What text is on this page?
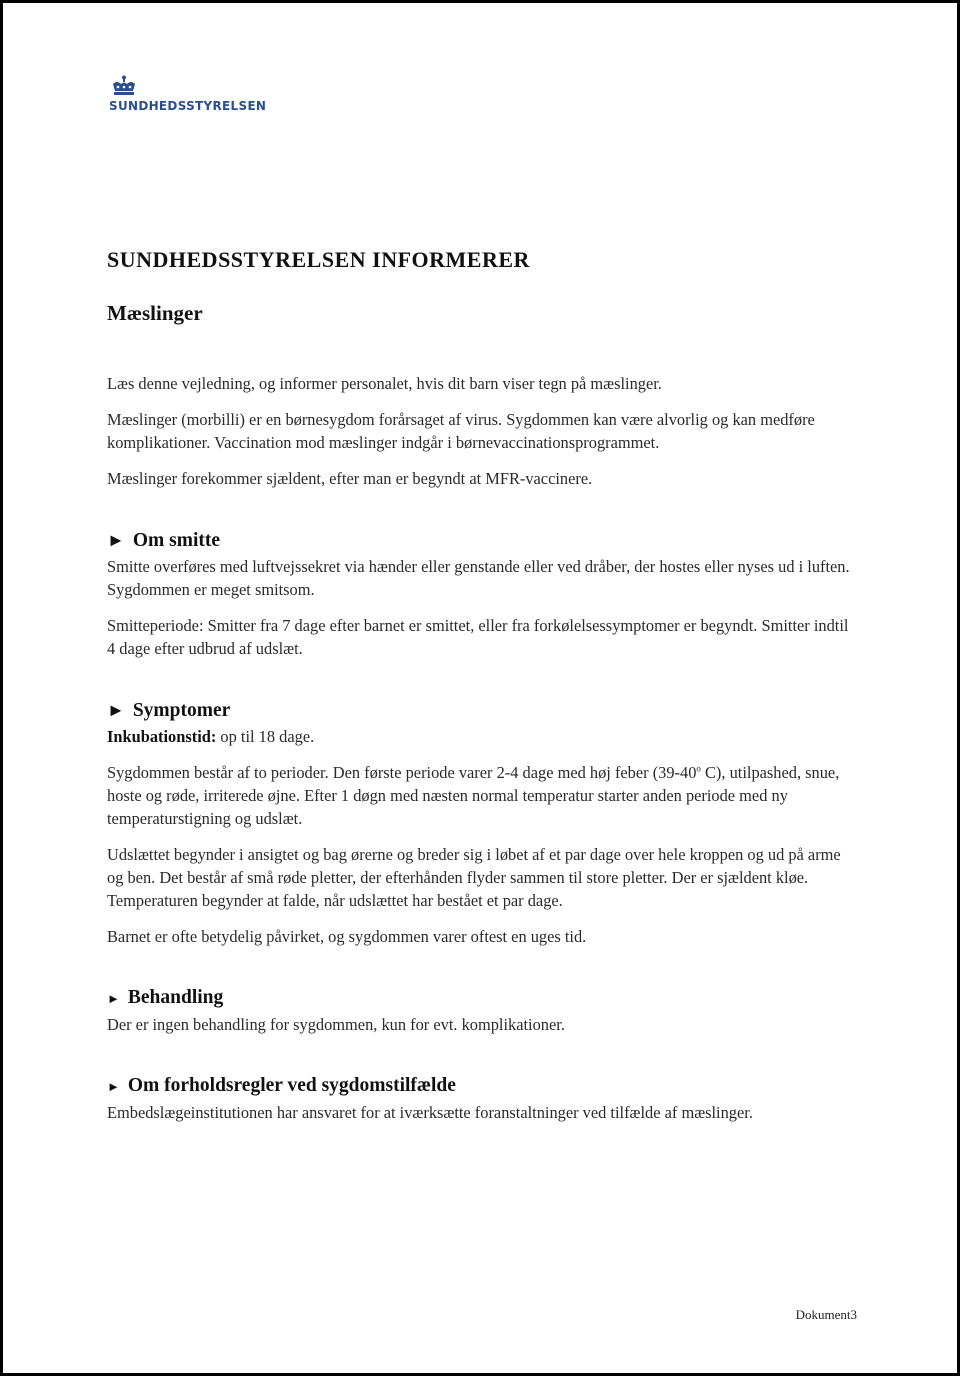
SUNDHEDSSTYRELSEN
SUNDHEDSSTYRELSEN INFORMERER
Mæslinger

Læs denne vejledning, og informer personalet, hvis dit barn viser tegn på mæslinger.

Mæslinger (morbilli) er en børnesygdom forårsaget af virus. Sygdommen kan være alvorlig og kan medføre komplikationer. Vaccination mod mæslinger indgår i børnevaccinationsprogrammet.

Mæslinger forekommer sjældent, efter man er begyndt at MFR-vaccinere.

► Om smitte

Smitte overføres med luftvejssekret via hænder eller genstande eller ved dråber, der hostes eller nyses ud i luften. Sygdommen er meget smitsom.

Smitteperiode: Smitter fra 7 dage efter barnet er smittet, eller fra forkølelsessymptomer er begyndt. Smitter indtil 4 dage efter udbrud af udslæt.

► Symptomer

Inkubationstid: op til 18 dage.

Sygdommen består af to perioder. Den første periode varer 2-4 dage med høj feber (39-40$^o$ C), utilpashed, snue, hoste og røde, irriterede øjne. Efter 1 døgn med næsten normal temperatur starter anden periode med ny temperaturstigning og udslæt.

Udslættet begynder i ansigtet og bag ørerne og breder sig i løbet af et par dage over hele kroppen og ud på arme og ben. Det består af små røde pletter, der efterhånden flyder sammen til store pletter. Der er sjældent kløe. Temperaturen begynder at falde, når udslættet har bestået et par dage.

Barnet er ofte betydelig påvirket, og sygdommen varer oftest en uges tid.

► Behandling

Der er ingen behandling for sygdommen, kun for evt. komplikationer.

► Om forholdsregler ved sygdomstilfælde

Embedslægeinstitutionen har ansvaret for at iværksætte foranstaltninger ved tilfælde af mæslinger.

Dokument3
